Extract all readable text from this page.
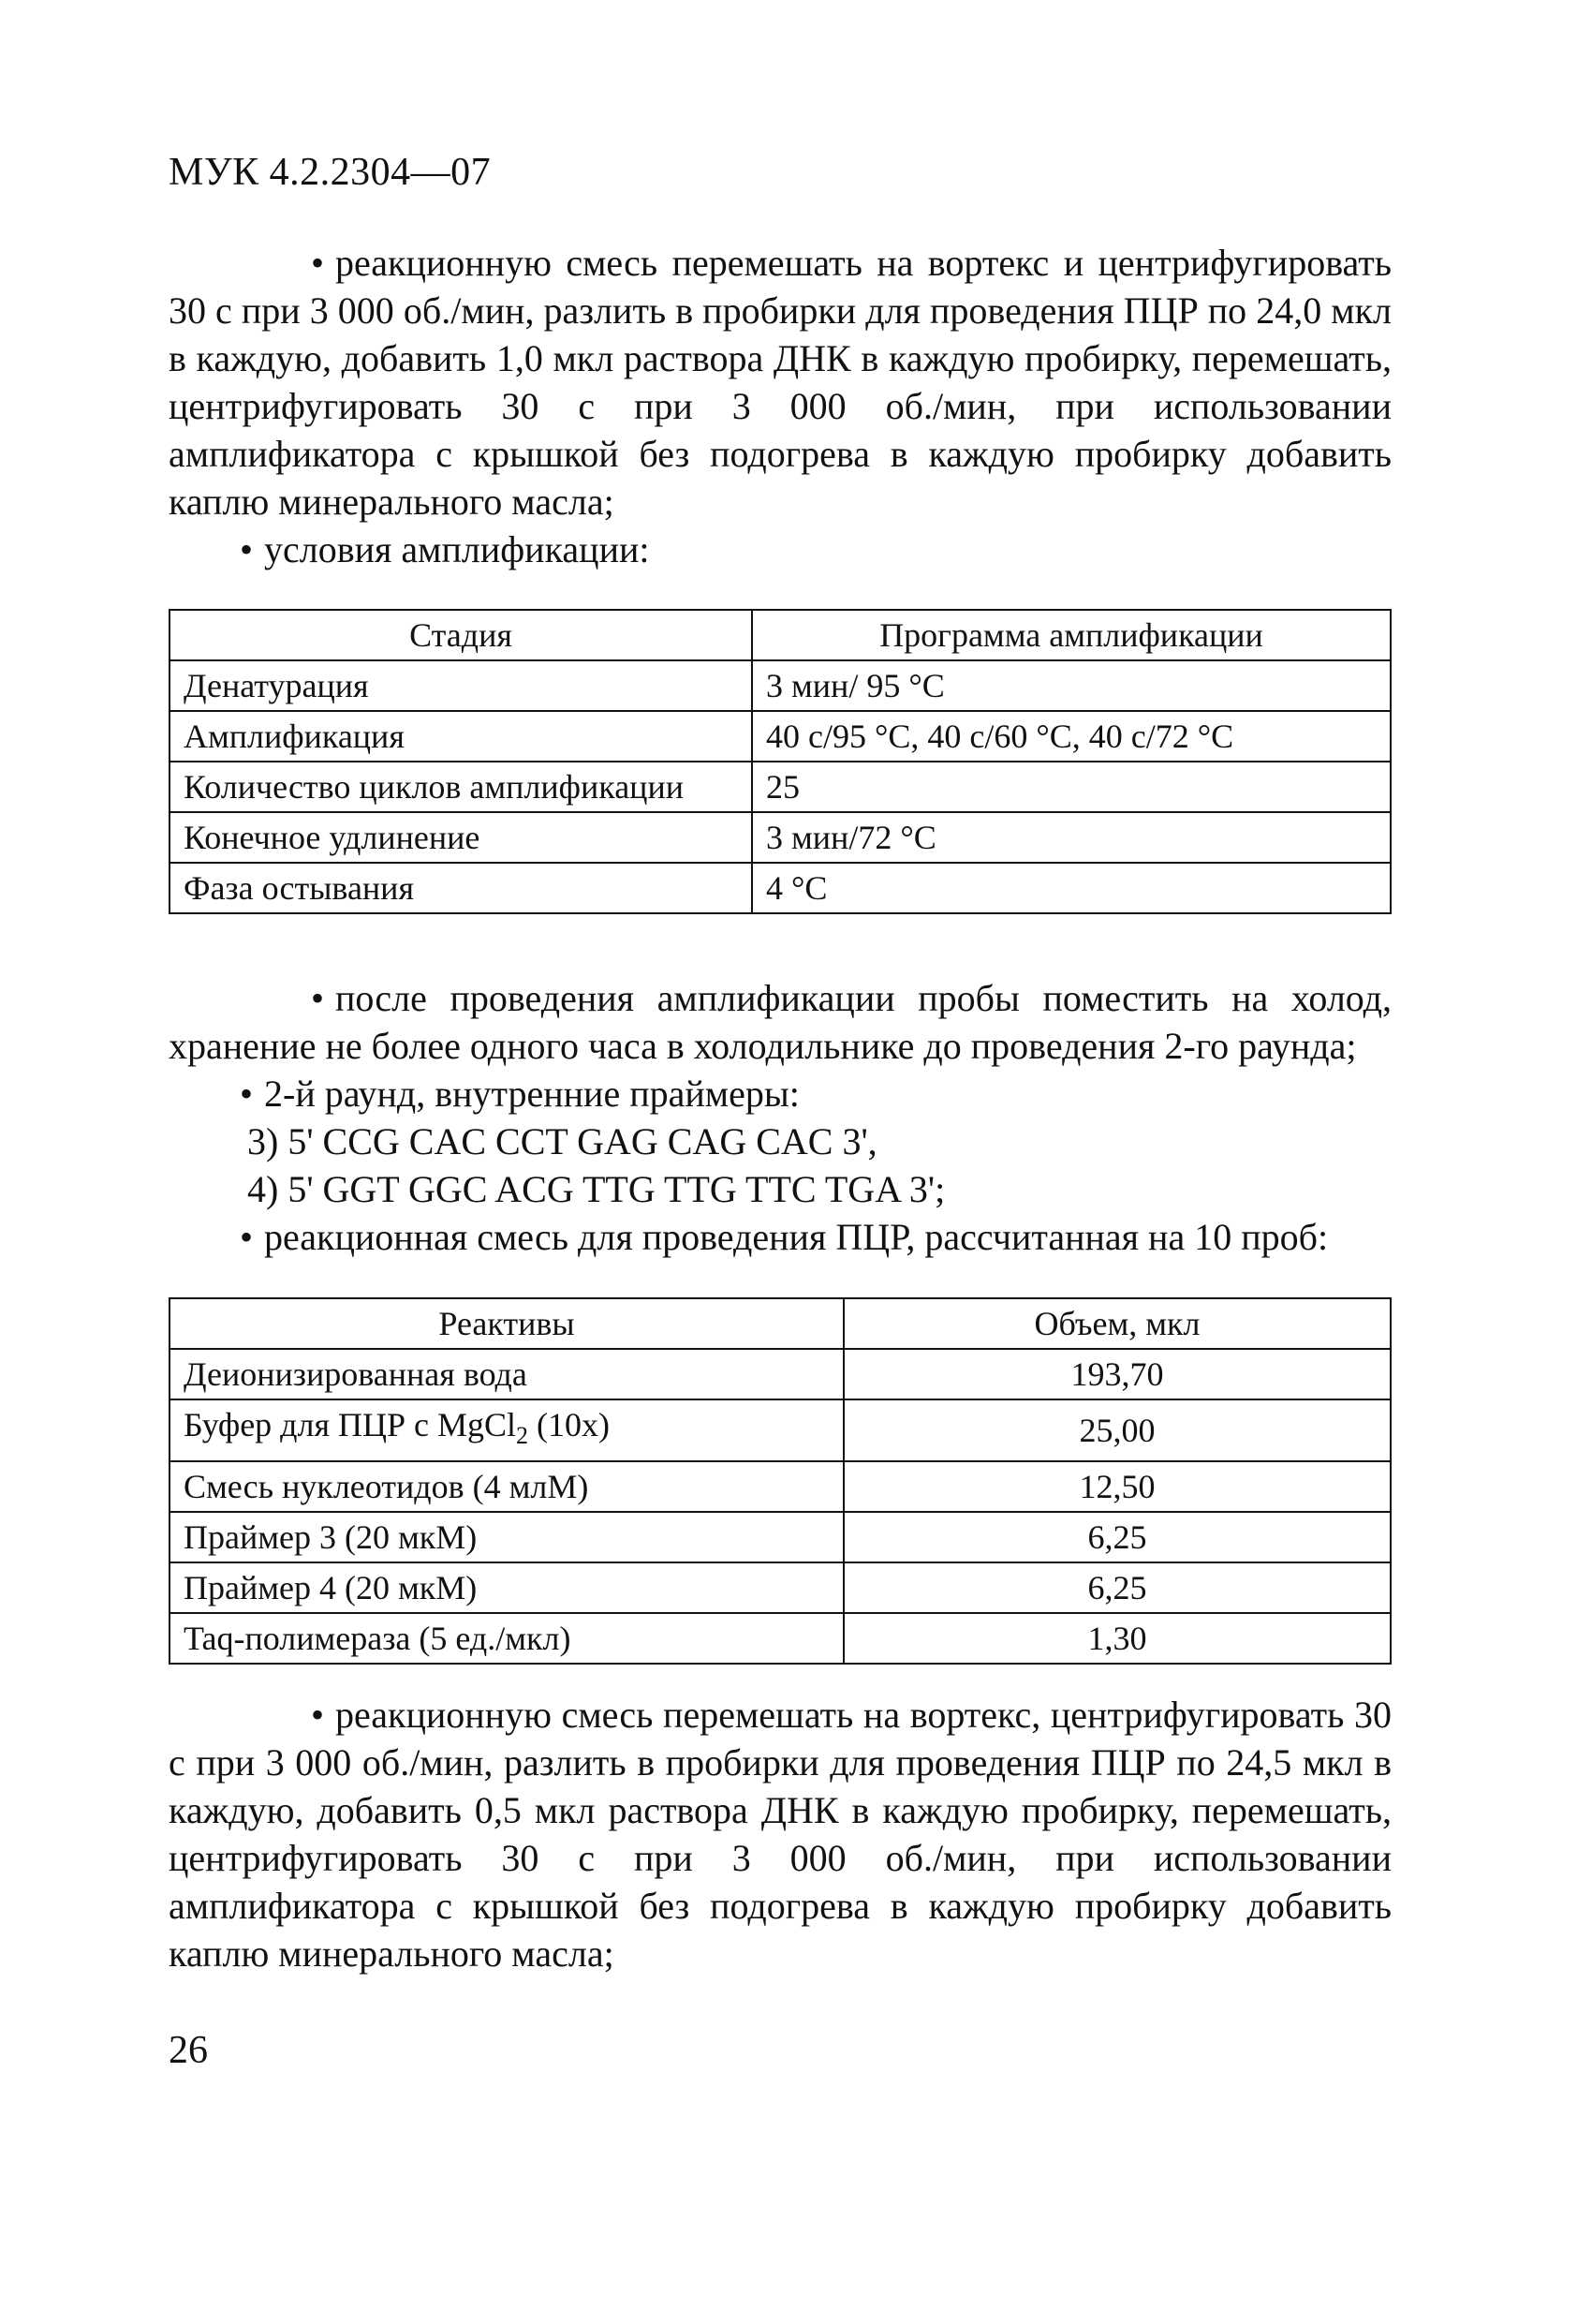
МУК 4.2.2304—07

• реакционную смесь перемешать на вортекс и центрифугировать 30 с при 3 000 об./мин, разлить в пробирки для проведения ПЦР по 24,0 мкл в каждую, добавить 1,0 мкл раствора ДНК в каждую пробирку, перемешать, центрифугировать 30 с при 3 000 об./мин, при использовании амплификатора с крышкой без подогрева в каждую пробирку добавить каплю минерального масла;

• условия амплификации:

Стадия	Программа амплификации
Денатурация	3 мин/ 95 °С
Амплификация	40 с/95 °С, 40 с/60 °С, 40 с/72 °С
Количество циклов амплификации	25
Конечное удлинение	3 мин/72 °С
Фаза остывания	4 °С

• после проведения амплификации пробы поместить на холод, хранение не более одного часа в холодильнике до проведения 2-го раунда;

• 2-й раунд, внутренние праймеры:

3) 5' CCG CAC CCT GAG CAG CAC 3',

4) 5' GGT GGC ACG TTG TTG TTC TGA 3';

• реакционная смесь для проведения ПЦР, рассчитанная на 10 проб:

Реактивы	Объем, мкл
Деионизированная вода	193,70
Буфер для ПЦР с MgCl$_2$ (10х)	25,00
Смесь нуклеотидов (4 млМ)	12,50
Праймер 3 (20 мкМ)	6,25
Праймер 4 (20 мкМ)	6,25
Taq-полимераза (5 ед./мкл)	1,30

• реакционную смесь перемешать на вортекс, центрифугировать 30 с при 3 000 об./мин, разлить в пробирки для проведения ПЦР по 24,5 мкл в каждую, добавить 0,5 мкл раствора ДНК в каждую пробирку, перемешать, центрифугировать 30 с при 3 000 об./мин, при использовании амплификатора с крышкой без подогрева в каждую пробирку добавить каплю минерального масла;

26
